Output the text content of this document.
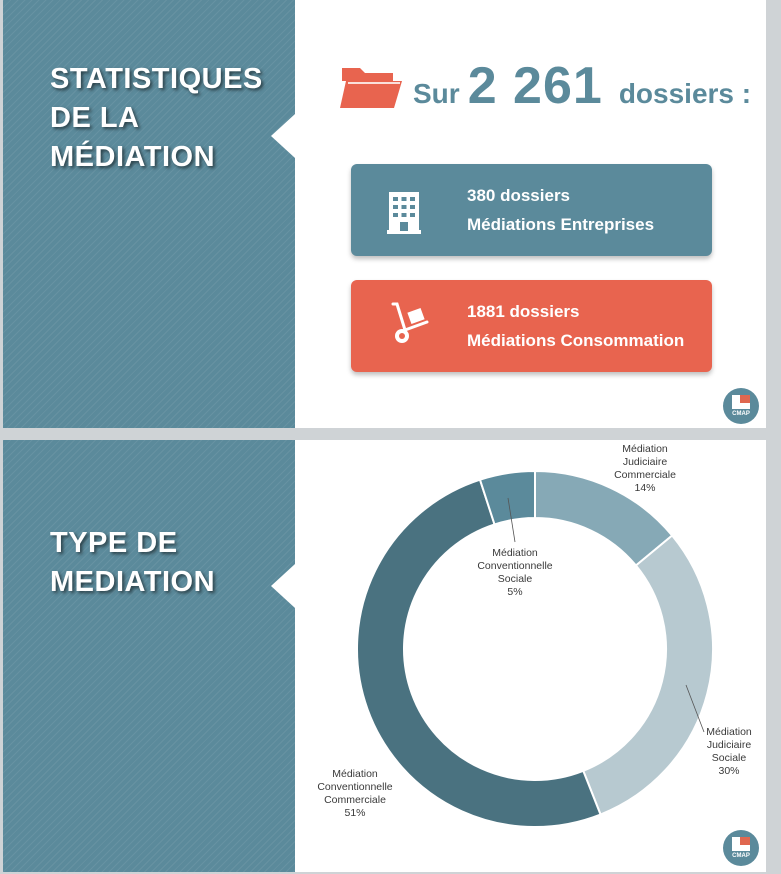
STATISTIQUES
DE LA
MÉDIATION
Sur 2 261 dossiers :
380 dossiers
Médiations Entreprises
1881 dossiers
Médiations Consommation
CMAP
TYPE DE
MEDIATION
Médiation Judiciaire Commerciale 14%
Médiation Judiciaire Sociale 30%
Médiation Conventionnelle Commerciale 51%
Médiation Conventionnelle Sociale 5%
CMAP
